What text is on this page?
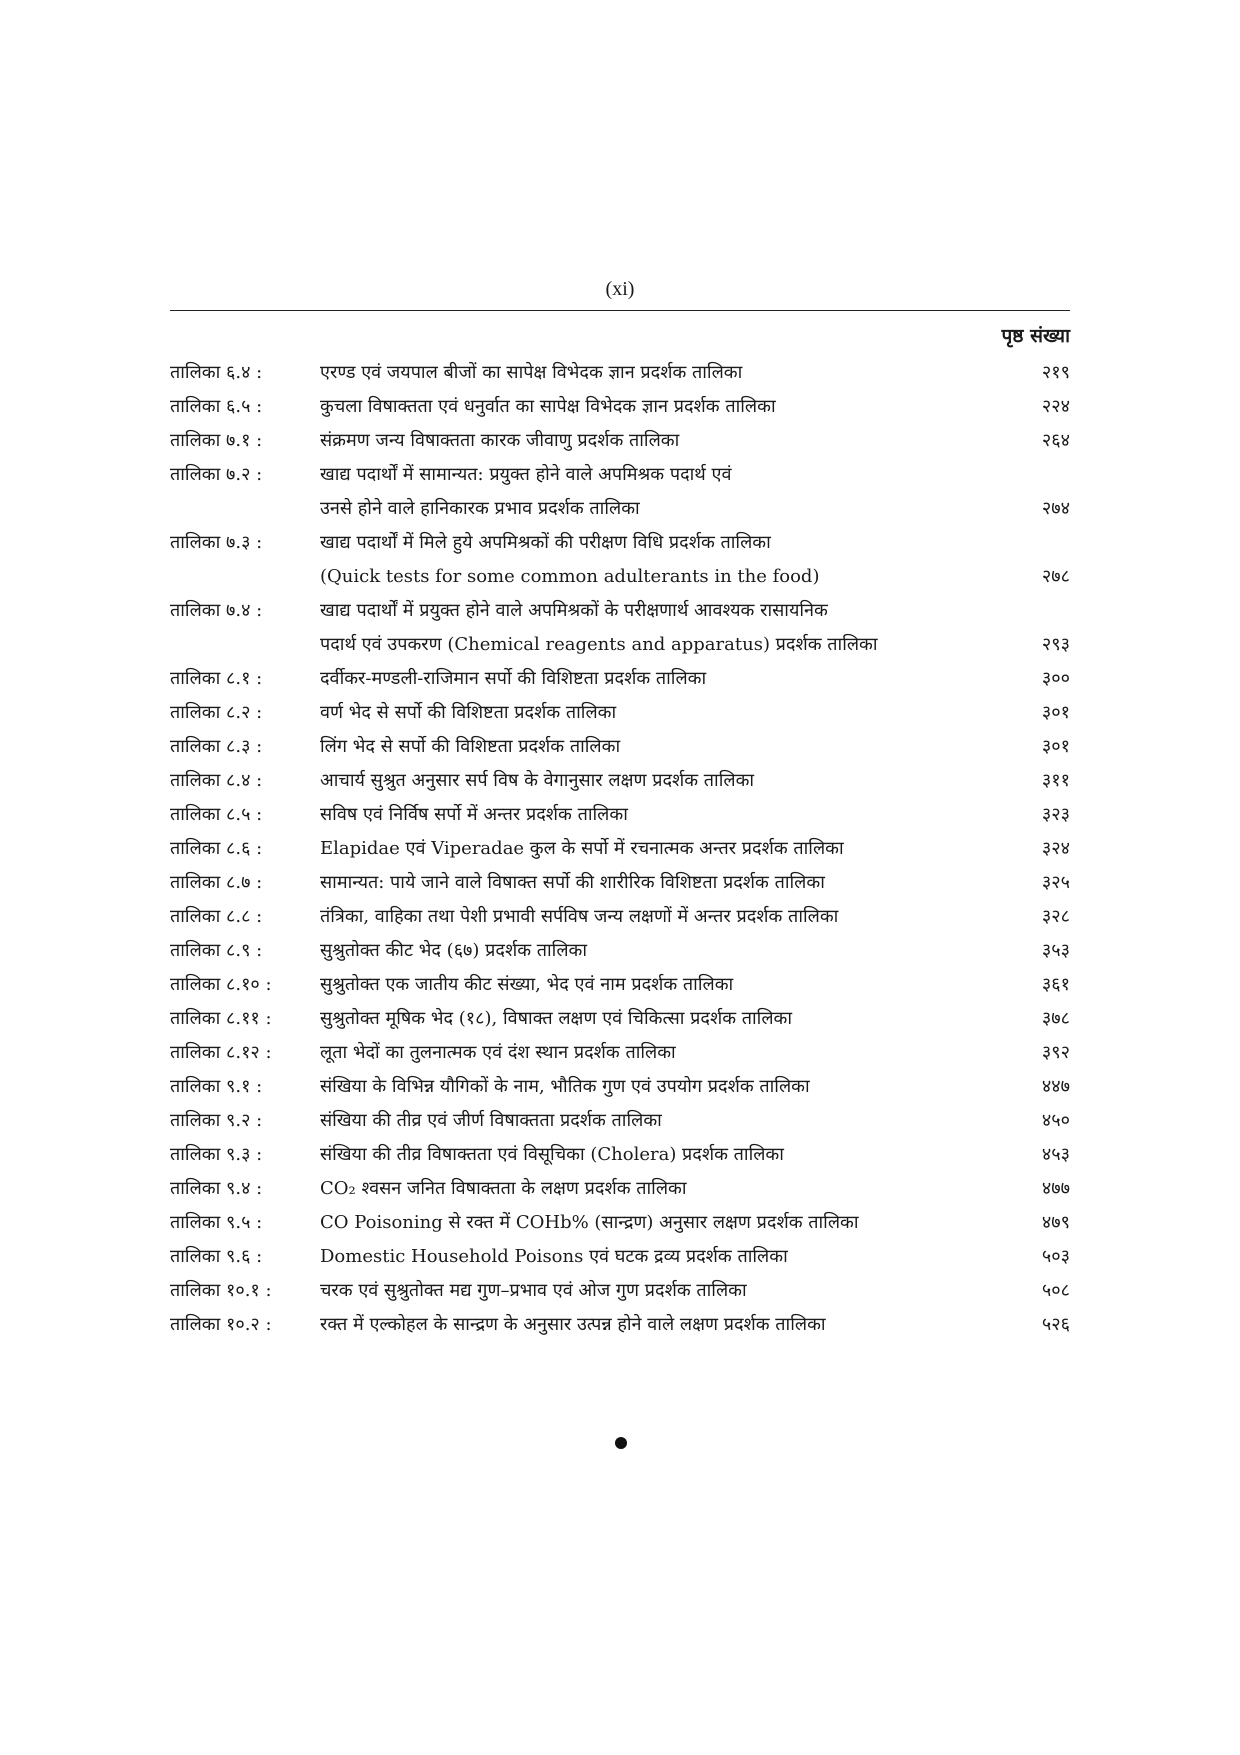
(xi)
पृष्ठ संख्या
तालिका ६.४ :	एरण्ड एवं जयपाल बीजों का सापेक्ष विभेदक ज्ञान प्रदर्शक तालिका	२१९
तालिका ६.५ :	कुचला विषाक्तता एवं धनुर्वात का सापेक्ष विभेदक ज्ञान प्रदर्शक तालिका	२२४
तालिका ७.१ :	संक्रमण जन्य विषाक्तता कारक जीवाणु प्रदर्शक तालिका	२६४
तालिका ७.२ :	खाद्य पदार्थों में सामान्यत: प्रयुक्त होने वाले अपमिश्रक पदार्थ एवं
उनसे होने वाले हानिकारक प्रभाव प्रदर्शक तालिका	२७४
तालिका ७.३ :	खाद्य पदार्थों में मिले हुये अपमिश्रकों की परीक्षण विधि प्रदर्शक तालिका
(Quick tests for some common adulterants in the food)	२७८
तालिका ७.४ :	खाद्य पदार्थों में प्रयुक्त होने वाले अपमिश्रकों के परीक्षणार्थ आवश्यक रासायनिक
पदार्थ एवं उपकरण (Chemical reagents and apparatus) प्रदर्शक तालिका	२९३
तालिका ८.१ :	दर्वीकर-मण्डली-राजिमान सर्पो की विशिष्टता प्रदर्शक तालिका	३००
तालिका ८.२ :	वर्ण भेद से सर्पो की विशिष्टता प्रदर्शक तालिका	३०१
तालिका ८.३ :	लिंग भेद से सर्पो की विशिष्टता प्रदर्शक तालिका	३०१
तालिका ८.४ :	आचार्य सुश्रुत अनुसार सर्प विष के वेगानुसार लक्षण प्रदर्शक तालिका	३११
तालिका ८.५ :	सविष एवं निर्विष सर्पो में अन्तर प्रदर्शक तालिका	३२३
तालिका ८.६ :	Elapidae एवं Viperadae कुल के सर्पो में रचनात्मक अन्तर प्रदर्शक तालिका	३२४
तालिका ८.७ :	सामान्यत: पाये जाने वाले विषाक्त सर्पो की शारीरिक विशिष्टता प्रदर्शक तालिका	३२५
तालिका ८.८ :	तंत्रिका, वाहिका तथा पेशी प्रभावी सर्पविष जन्य लक्षणों में अन्तर प्रदर्शक तालिका	३२८
तालिका ८.९ :	सुश्रुतोक्त कीट भेद (६७) प्रदर्शक तालिका	३५३
तालिका ८.१० :	सुश्रुतोक्त एक जातीय कीट संख्या, भेद एवं नाम प्रदर्शक तालिका	३६१
तालिका ८.११ :	सुश्रुतोक्त मूषिक भेद (१८), विषाक्त लक्षण एवं चिकित्सा प्रदर्शक तालिका	३७८
तालिका ८.१२ :	लूता भेदों का तुलनात्मक एवं दंश स्थान प्रदर्शक तालिका	३९२
तालिका ९.१ :	संखिया के विभिन्न यौगिकों के नाम, भौतिक गुण एवं उपयोग प्रदर्शक तालिका	४४७
तालिका ९.२ :	संखिया की तीव्र एवं जीर्ण विषाक्तता प्रदर्शक तालिका	४५०
तालिका ९.३ :	संखिया की तीव्र विषाक्तता एवं विसूचिका (Cholera) प्रदर्शक तालिका	४५३
तालिका ९.४ :	CO₂ श्वसन जनित विषाक्तता के लक्षण प्रदर्शक तालिका	४७७
तालिका ९.५ :	CO Poisoning से रक्त में COHb% (सान्द्रण) अनुसार लक्षण प्रदर्शक तालिका	४७९
तालिका ९.६ :	Domestic Household Poisons एवं घटक द्रव्य प्रदर्शक तालिका	५०३
तालिका १०.१ :	चरक एवं सुश्रुतोक्त मद्य गुण–प्रभाव एवं ओज गुण प्रदर्शक तालिका	५०८
तालिका १०.२ :	रक्त में एल्कोहल के सान्द्रण के अनुसार उत्पन्न होने वाले लक्षण प्रदर्शक तालिका	५२६
